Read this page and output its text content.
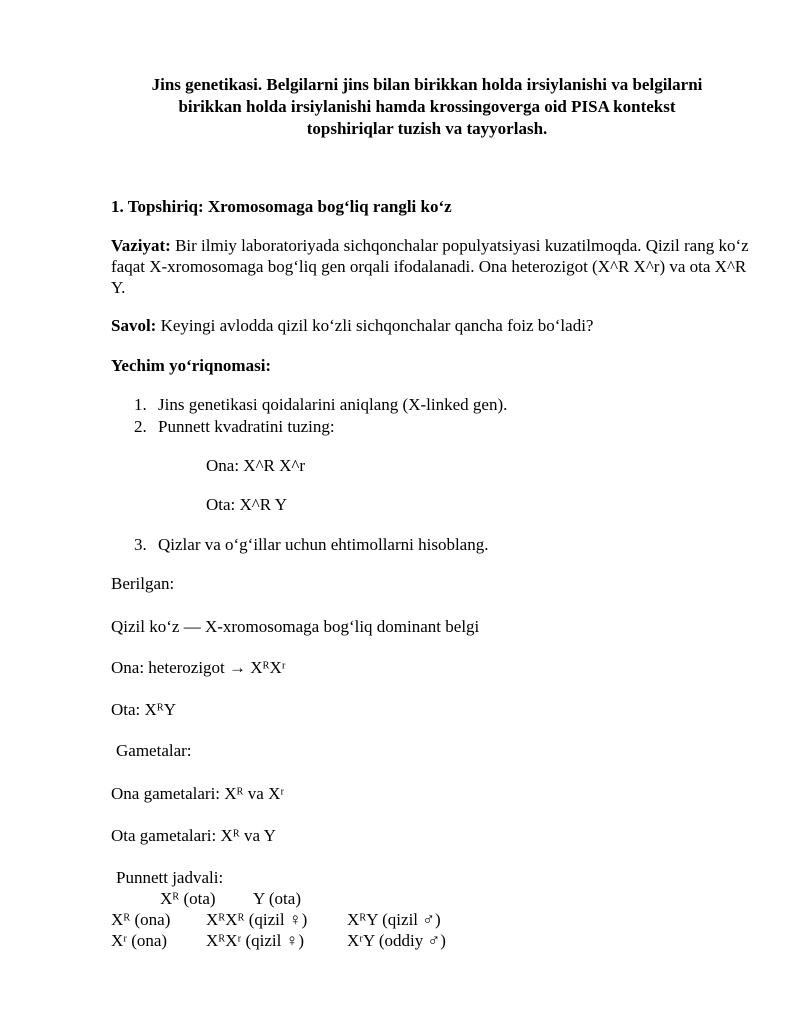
Jins genetikasi. Belgilarni jins bilan birikkan holda irsiylanishi va belgilarni
birikkan holda irsiylanishi hamda krossingoverga oid PISA kontekst
topshiriqlar tuzish va tayyorlash.
1. Topshiriq: Xromosomaga bog‘liq rangli ko‘z
Vaziyat: Bir ilmiy laboratoriyada sichqonchalar populyatsiyasi kuzatilmoqda. Qizil rang ko‘z faqat X-xromosomaga bog‘liq gen orqali ifodalanadi. Ona heterozigot (X^R X^r) va ota X^R Y.
Savol: Keyingi avlodda qizil ko‘zli sichqonchalar qancha foiz bo‘ladi?
Yechim yo‘riqnomasi:
1. Jins genetikasi qoidalarini aniqlang (X-linked gen).
2. Punnett kvadratini tuzing:
Ona: X^R X^r
Ota: X^R Y
3. Qizlar va o‘g‘illar uchun ehtimollarni hisoblang.
Berilgan:
Qizil ko‘z — X-xromosomaga bog‘liq dominant belgi
Ona: heterozigot → XᴿXʳ
Ota: XᴿY
Gametalar:
Ona gametalari: Xᴿ va Xʳ
Ota gametalari: Xᴿ va Y
Punnett jadvali:
Xᴿ (ota) Y (ota)
Xᴿ (ona) XᴿXᴿ (qizil ♀) XᴿY (qizil ♂)
Xʳ (ona) XᴿXʳ (qizil ♀)	XʳY (oddiy ♂)
